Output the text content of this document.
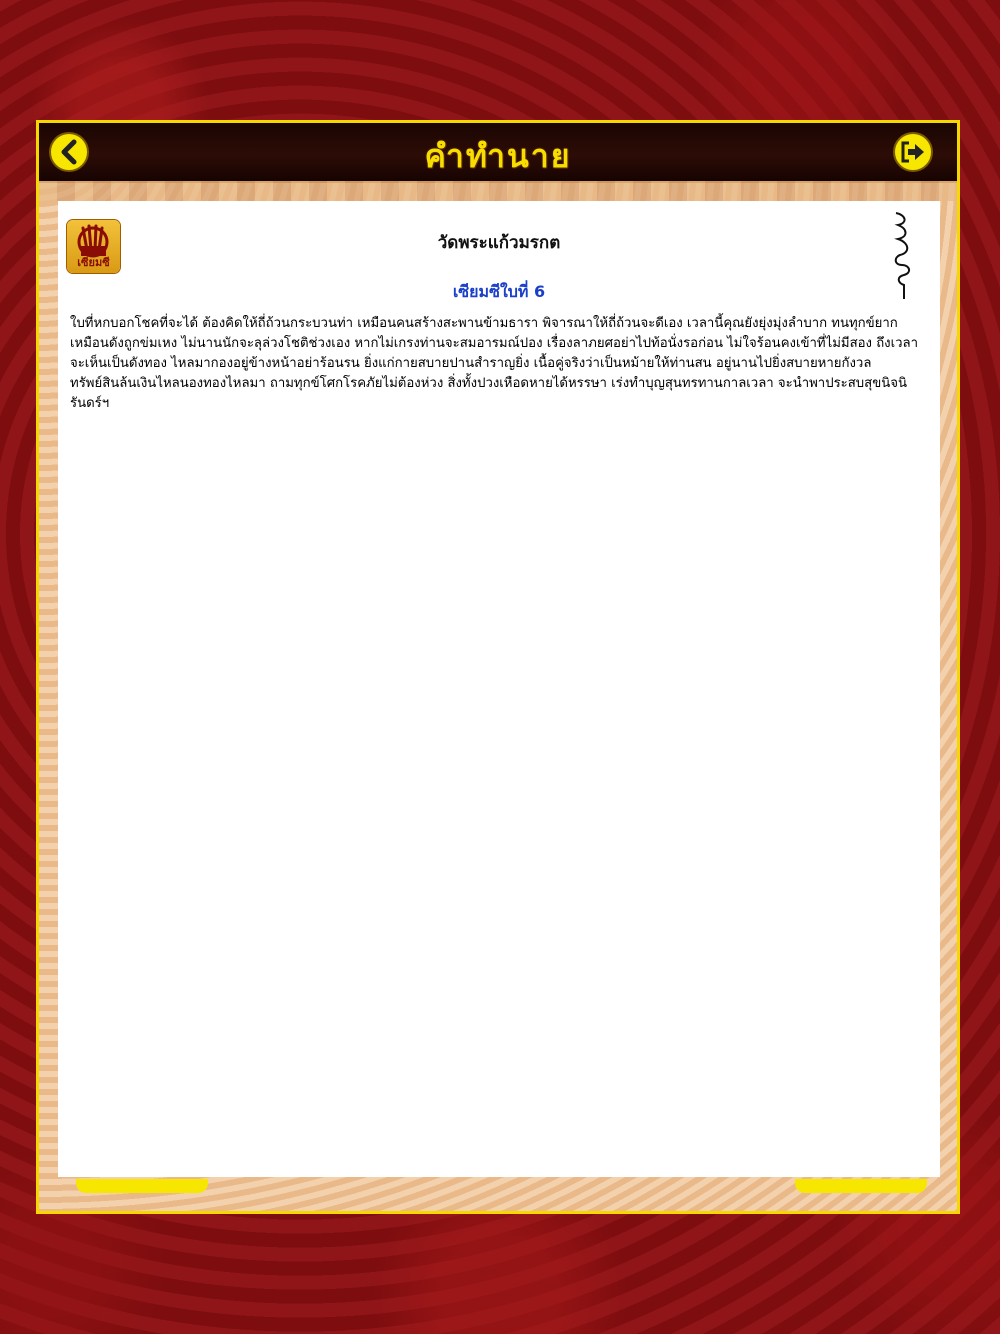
คำทำนาย
เซียมซี
วัดพระแก้วมรกต
เซียมซีใบที่ 6
ใบที่หกบอกโชคที่จะได้ ต้องคิดให้ถี่ถ้วนกระบวนท่า เหมือนคนสร้างสะพานข้ามธารา พิจารณาให้ถี่ถ้วนจะดีเอง เวลานี้คุณยังยุ่งมุ่งลำบาก ทนทุกข์ยากเหมือนดังถูกข่มเหง ไม่นานนักจะลุล่วงโชติช่วงเอง หากไม่เกรงท่านจะสมอารมณ์ปอง เรื่องลาภยศอย่าไปท้อนั่งรอก่อน ไม่ใจร้อนคงเข้าที่ไม่มีสอง ถึงเวลาจะเห็นเป็นดังทอง ไหลมากองอยู่ข้างหน้าอย่าร้อนรน ยิ่งแก่กายสบายปานสำราญยิ่ง เนื้อคู่จริงว่าเป็นหม้ายให้ท่านสน อยู่นานไปยิ่งสบายหายกังวล ทรัพย์สินล้นเงินไหลนองทองไหลมา ถามทุกข์โศกโรคภัยไม่ต้องห่วง สิ่งทั้งปวงเหือดหายได้หรรษา เร่งทำบุญสุนทรทานกาลเวลา จะนำพาประสบสุขนิจนิรันดร์ฯ
